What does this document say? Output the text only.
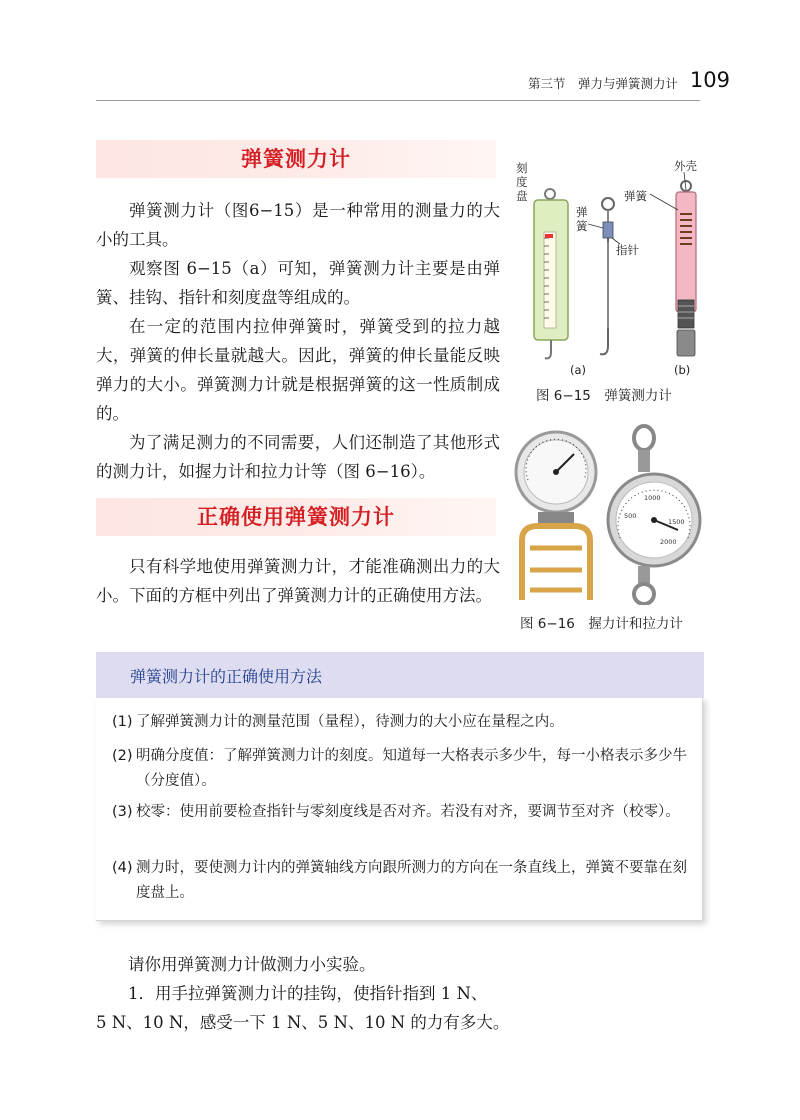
第三节　弹力与弹簧测力计 109
弹簧测力计

弹簧测力计（图6−15）是一种常用的测量力的大小的工具。

观察图 6−15（a）可知，弹簧测力计主要是由弹簧、挂钩、指针和刻度盘等组成的。

在一定的范围内拉伸弹簧时，弹簧受到的拉力越大，弹簧的伸长量就越大。因此，弹簧的伸长量能反映弹力的大小。弹簧测力计就是根据弹簧的这一性质制成的。

为了满足测力的不同需要，人们还制造了其他形式的测力计，如握力计和拉力计等（图 6−16）。

刻度盘
弹簧
指针
外壳
弹簧
(a)	(b)
图 6−15　弹簧测力计
1000
500
1500
2000
图 6−16　握力计和拉力计
正确使用弹簧测力计

只有科学地使用弹簧测力计，才能准确测出力的大小。下面的方框中列出了弹簧测力计的正确使用方法。

弹簧测力计的正确使用方法
(1) 了解弹簧测力计的测量范围（量程），待测力的大小应在量程之内。
(2) 明确分度值：了解弹簧测力计的刻度。知道每一大格表示多少牛，每一小格表示多少牛（分度值）。
(3) 校零：使用前要检查指针与零刻度线是否对齐。若没有对齐，要调节至对齐（校零）。
(4) 测力时，要使测力计内的弹簧轴线方向跟所测力的方向在一条直线上，弹簧不要靠在刻度盘上。

请你用弹簧测力计做测力小实验。

1．用手拉弹簧测力计的挂钩，使指针指到 1 N、

5 N、10 N，感受一下 1 N、5 N、10 N 的力有多大。
